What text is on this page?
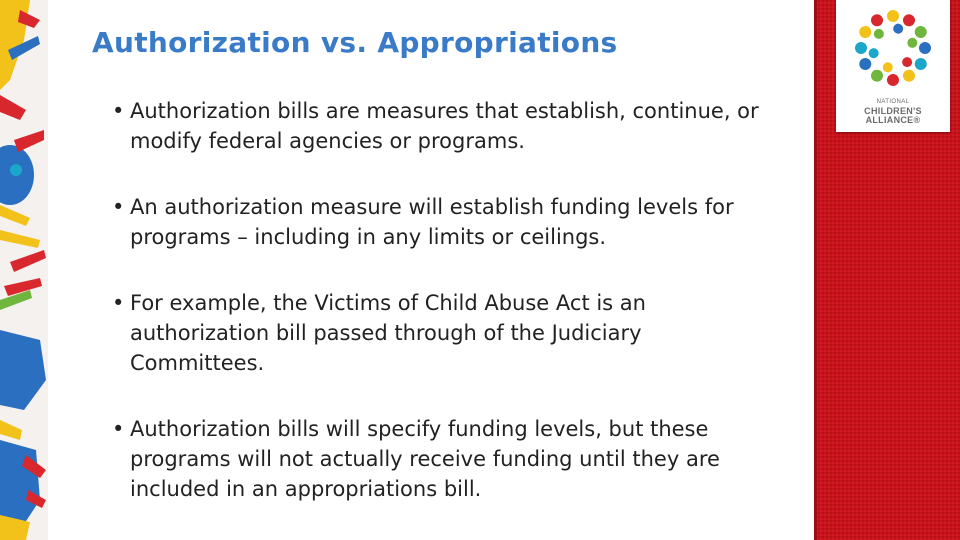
Authorization vs. Appropriations
• Authorization bills are measures that establish, continue, or modify federal agencies or programs.
• An authorization measure will establish funding levels for programs – including in any limits or ceilings.
• For example, the Victims of Child Abuse Act is an authorization bill passed through of the Judiciary Committees.
• Authorization bills will specify funding levels, but these programs will not actually receive funding until they are included in an appropriations bill.
NATIONAL
CHILDREN'S
ALLIANCE®
